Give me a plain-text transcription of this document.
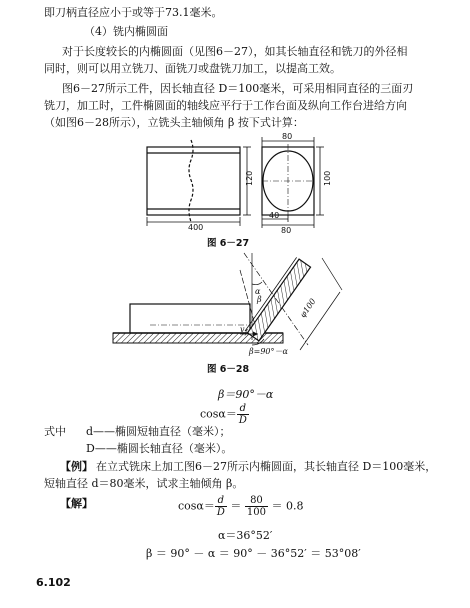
即刀柄直径应小于或等于73.1毫米。
（4）铣内椭圆面
对于长度较长的内椭圆面（见图6－27），如其长轴直径和铣刀的外径相
同时，则可以用立铣刀、面铣刀或盘铣刀加工，以提高工效。
图6－27所示工件，因长轴直径 D＝100毫米，可采用相同直径的三面刃
铣刀，加工时，工件椭圆面的轴线应平行于工作台面及纵向工作台进给方向
（如图6－28所示），立铣头主轴倾角 β 按下式计算：
400
120
80
100
40
80
图 6－27
α
β
v f
φ100
β=90°－α
图 6－28
β＝90°－α
$\cos\alpha= \frac{d}{D}$
式中 d——椭圆短轴直径（毫米）；
D——椭圆长轴直径（毫米）。
【例】 在立式铣床上加工图6－27所示内椭圆面，其长轴直径 D＝100毫米，
短轴直径 d＝80毫米，试求主轴倾角 β。
【解】	$\cos\alpha= \frac{d}{D} = \frac{80}{100} = 0.8$
α＝36°52′
β ＝ 90° － α ＝ 90° － 36°52′ ＝ 53°08′
6.102
